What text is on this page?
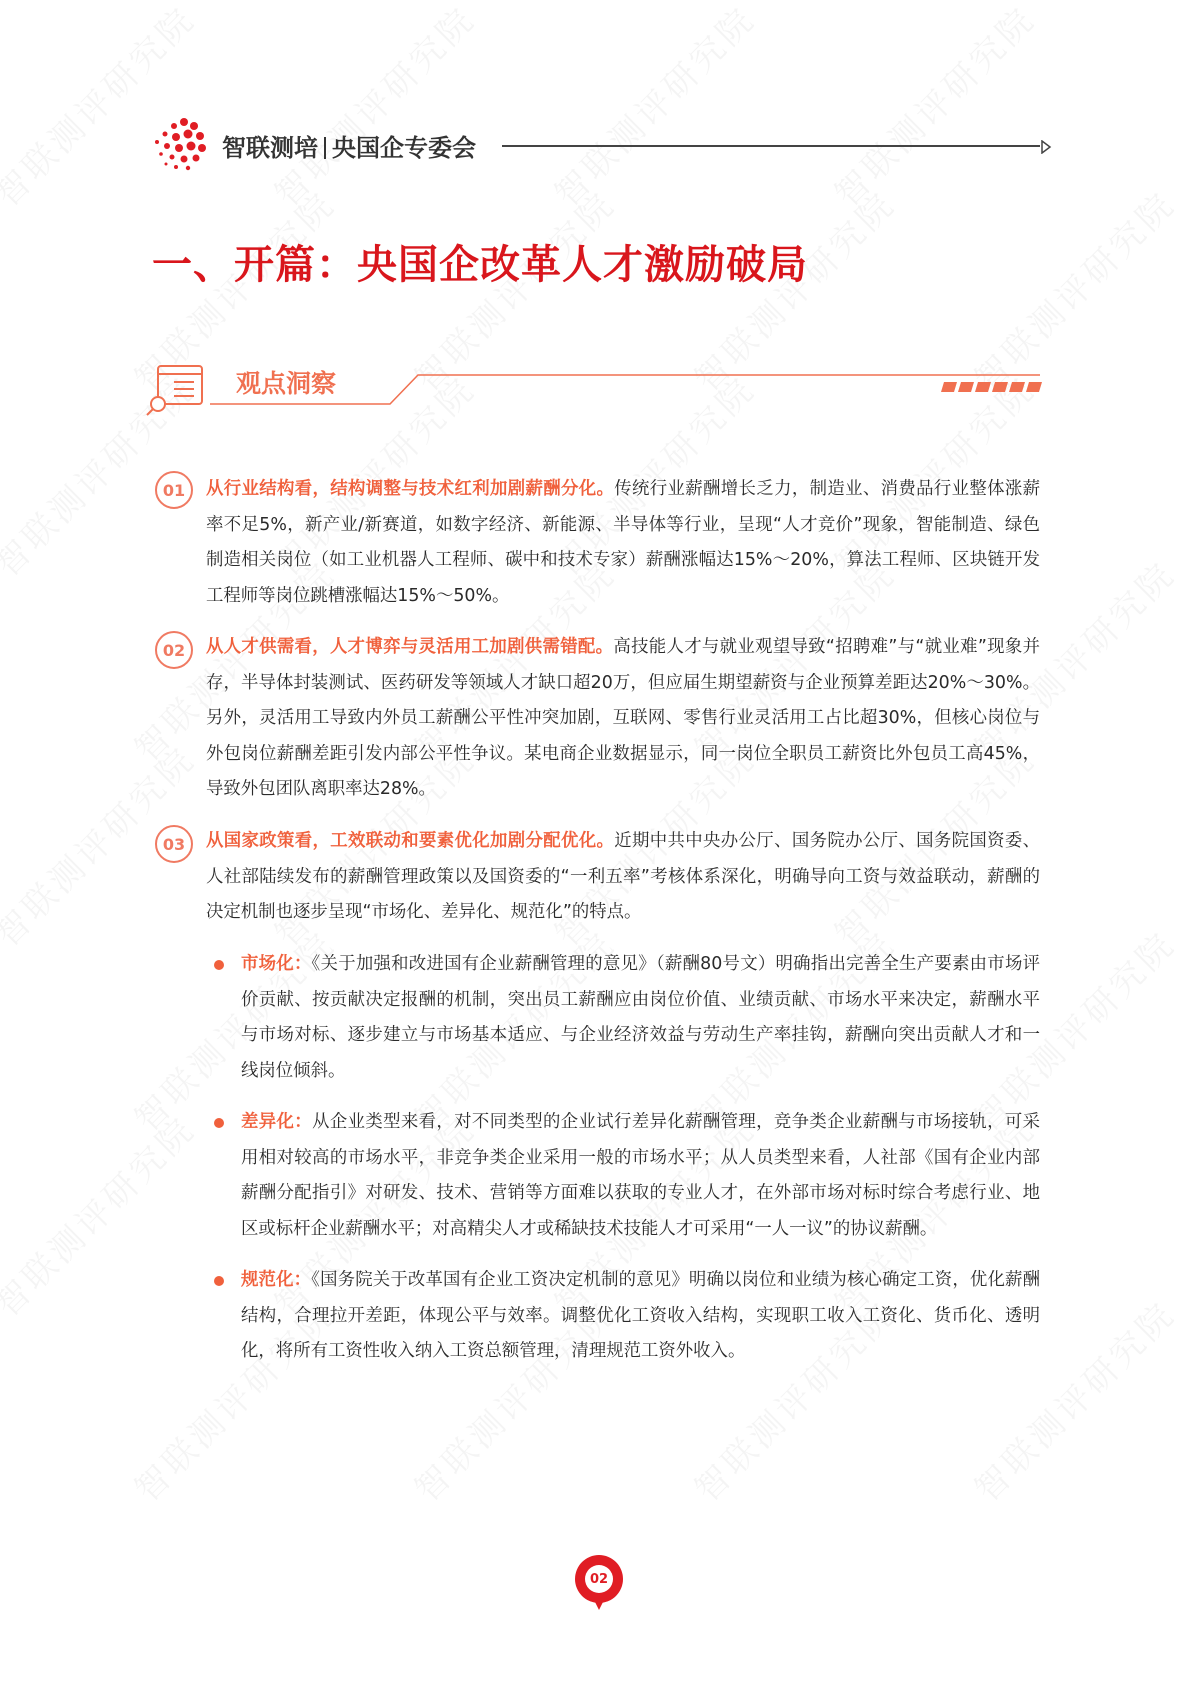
智联测培 央国企专委会
一、开篇：央国企改革人才激励破局
观点洞察
01	从行业结构看，结构调整与技术红利加剧薪酬分化。传统行业薪酬增长乏力，制造业、消费品行业整体涨薪率不足5%，新产业/新赛道，如数字经济、新能源、半导体等行业，呈现“人才竞价”现象，智能制造、绿色制造相关岗位（如工业机器人工程师、碳中和技术专家）薪酬涨幅达15%～20%，算法工程师、区块链开发工程师等岗位跳槽涨幅达15%～50%。
02	从人才供需看，人才博弈与灵活用工加剧供需错配。高技能人才与就业观望导致“招聘难”与“就业难”现象并存，半导体封装测试、医药研发等领域人才缺口超20万，但应届生期望薪资与企业预算差距达20%～30%。另外，灵活用工导致内外员工薪酬公平性冲突加剧，互联网、零售行业灵活用工占比超30%，但核心岗位与外包岗位薪酬差距引发内部公平性争议。某电商企业数据显示，同一岗位全职员工薪资比外包员工高45%，导致外包团队离职率达28%。
03	从国家政策看，工效联动和要素优化加剧分配优化。近期中共中央办公厅、国务院办公厅、国务院国资委、人社部陆续发布的薪酬管理政策以及国资委的“一利五率”考核体系深化，明确导向工资与效益联动，薪酬的决定机制也逐步呈现“市场化、差异化、规范化”的特点。
市场化：《关于加强和改进国有企业薪酬管理的意见》（薪酬80号文）明确指出完善全生产要素由市场评价贡献、按贡献决定报酬的机制，突出员工薪酬应由岗位价值、业绩贡献、市场水平来决定，薪酬水平与市场对标、逐步建立与市场基本适应、与企业经济效益与劳动生产率挂钩，薪酬向突出贡献人才和一线岗位倾斜。
差异化：从企业类型来看，对不同类型的企业试行差异化薪酬管理，竞争类企业薪酬与市场接轨，可采用相对较高的市场水平，非竞争类企业采用一般的市场水平；从人员类型来看，人社部《国有企业内部薪酬分配指引》对研发、技术、营销等方面难以获取的专业人才，在外部市场对标时综合考虑行业、地区或标杆企业薪酬水平；对高精尖人才或稀缺技术技能人才可采用“一人一议”的协议薪酬。
规范化：《国务院关于改革国有企业工资决定机制的意见》明确以岗位和业绩为核心确定工资，优化薪酬结构，合理拉开差距，体现公平与效率。调整优化工资收入结构，实现职工收入工资化、货币化、透明化，将所有工资性收入纳入工资总额管理，清理规范工资外收入。
02
